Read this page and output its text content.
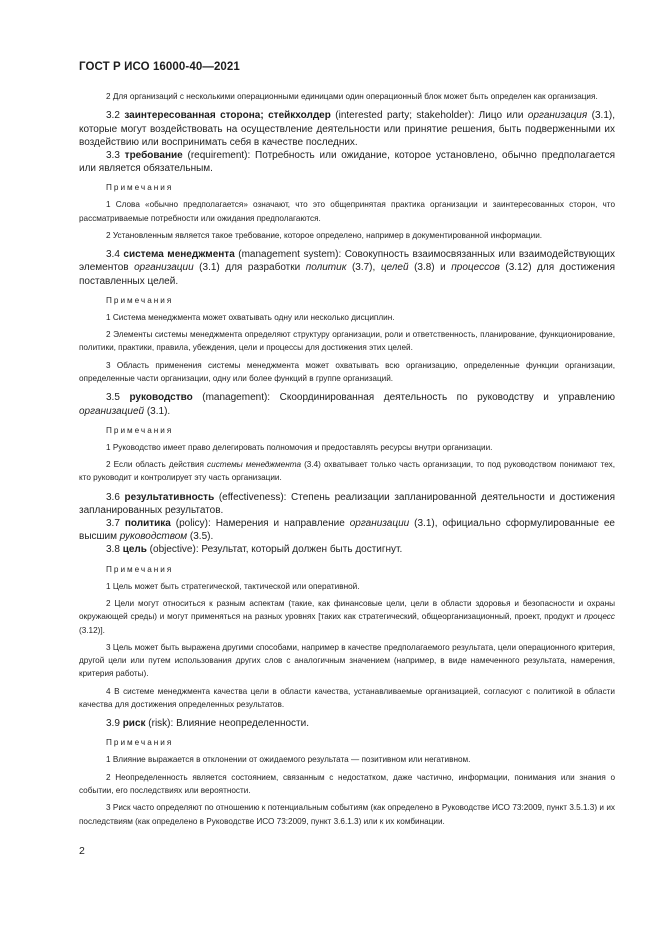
ГОСТ Р ИСО 16000-40—2021

2 Для организаций с несколькими операционными единицами один операционный блок может быть определен как организация.

3.2 заинтересованная сторона; стейкхолдер (interested party; stakeholder): Лицо или организация (3.1), которые могут воздействовать на осуществление деятельности или принятие решения, быть подверженными их воздействию или воспринимать себя в качестве последних.

3.3 требование (requirement): Потребность или ожидание, которое установлено, обычно предполагается или является обязательным.

Примечания

1 Слова «обычно предполагается» означают, что это общепринятая практика организации и заинтересованных сторон, что рассматриваемые потребности или ожидания предполагаются.

2 Установленным является такое требование, которое определено, например в документированной информации.

3.4 система менеджмента (management system): Совокупность взаимосвязанных или взаимодействующих элементов организации (3.1) для разработки политик (3.7), целей (3.8) и процессов (3.12) для достижения поставленных целей.

Примечания

1 Система менеджмента может охватывать одну или несколько дисциплин.

2 Элементы системы менеджмента определяют структуру организации, роли и ответственность, планирование, функционирование, политики, практики, правила, убеждения, цели и процессы для достижения этих целей.

3 Область применения системы менеджмента может охватывать всю организацию, определенные функции организации, определенные части организации, одну или более функций в группе организаций.

3.5 руководство (management): Скоординированная деятельность по руководству и управлению организацией (3.1).

Примечания

1 Руководство имеет право делегировать полномочия и предоставлять ресурсы внутри организации.

2 Если область действия системы менеджмента (3.4) охватывает только часть организации, то под руководством понимают тех, кто руководит и контролирует эту часть организации.

3.6 результативность (effectiveness): Степень реализации запланированной деятельности и достижения запланированных результатов.

3.7 политика (policy): Намерения и направление организации (3.1), официально сформулированные ее высшим руководством (3.5).

3.8 цель (objective): Результат, который должен быть достигнут.

Примечания

1 Цель может быть стратегической, тактической или оперативной.

2 Цели могут относиться к разным аспектам (такие, как финансовые цели, цели в области здоровья и безопасности и охраны окружающей среды) и могут применяться на разных уровнях [таких как стратегический, общеорганизационный, проект, продукт и процесс (3.12)].

3 Цель может быть выражена другими способами, например в качестве предполагаемого результата, цели операционного критерия, другой цели или путем использования других слов с аналогичным значением (например, в виде намеченного результата, намерения, критерия работы).

4 В системе менеджмента качества цели в области качества, устанавливаемые организацией, согласуют с политикой в области качества для достижения определенных результатов.

3.9 риск (risk): Влияние неопределенности.

Примечания

1 Влияние выражается в отклонении от ожидаемого результата — позитивном или негативном.

2 Неопределенность является состоянием, связанным с недостатком, даже частично, информации, понимания или знания о событии, его последствиях или вероятности.

3 Риск часто определяют по отношению к потенциальным событиям (как определено в Руководстве ИСО 73:2009, пункт 3.5.1.3) и их последствиям (как определено в Руководстве ИСО 73:2009, пункт 3.6.1.3) или к их комбинации.

2
